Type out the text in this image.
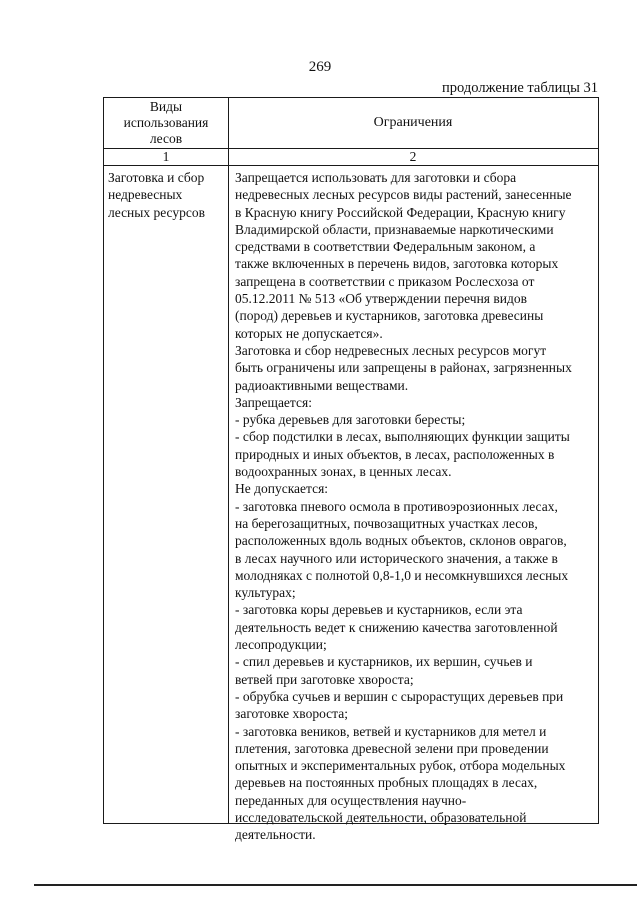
269
продолжение таблицы 31
Виды
использования
лесов
Ограничения
1	2
Заготовка и сбор
недревесных
лесных ресурсов
Запрещается использовать для заготовки и сбора
недревесных лесных ресурсов виды растений, занесенные
в Красную книгу Российской Федерации, Красную книгу
Владимирской области, признаваемые наркотическими
средствами в соответствии Федеральным законом, а
также включенных в перечень видов, заготовка которых
запрещена в соответствии с приказом Рослесхоза от
05.12.2011 № 513 «Об утверждении перечня видов
(пород) деревьев и кустарников, заготовка древесины
которых не допускается».
Заготовка и сбор недревесных лесных ресурсов могут
быть ограничены или запрещены в районах, загрязненных
радиоактивными веществами.
Запрещается:
- рубка деревьев для заготовки бересты;
- сбор подстилки в лесах, выполняющих функции защиты
природных и иных объектов, в лесах, расположенных в
водоохранных зонах, в ценных лесах.
Не допускается:
- заготовка пневого осмола в противоэрозионных лесах,
на берегозащитных, почвозащитных участках лесов,
расположенных вдоль водных объектов, склонов оврагов,
в лесах научного или исторического значения, а также в
молодняках с полнотой 0,8-1,0 и несомкнувшихся лесных
культурах;
- заготовка коры деревьев и кустарников, если эта
деятельность ведет к снижению качества заготовленной
лесопродукции;
- спил деревьев и кустарников, их вершин, сучьев и
ветвей при заготовке хвороста;
- обрубка сучьев и вершин с сырорастущих деревьев при
заготовке хвороста;
- заготовка веников, ветвей и кустарников для метел и
плетения, заготовка древесной зелени при проведении
опытных и экспериментальных рубок, отбора модельных
деревьев на постоянных пробных площадях в лесах,
переданных для осуществления научно-
исследовательской деятельности, образовательной
деятельности.
